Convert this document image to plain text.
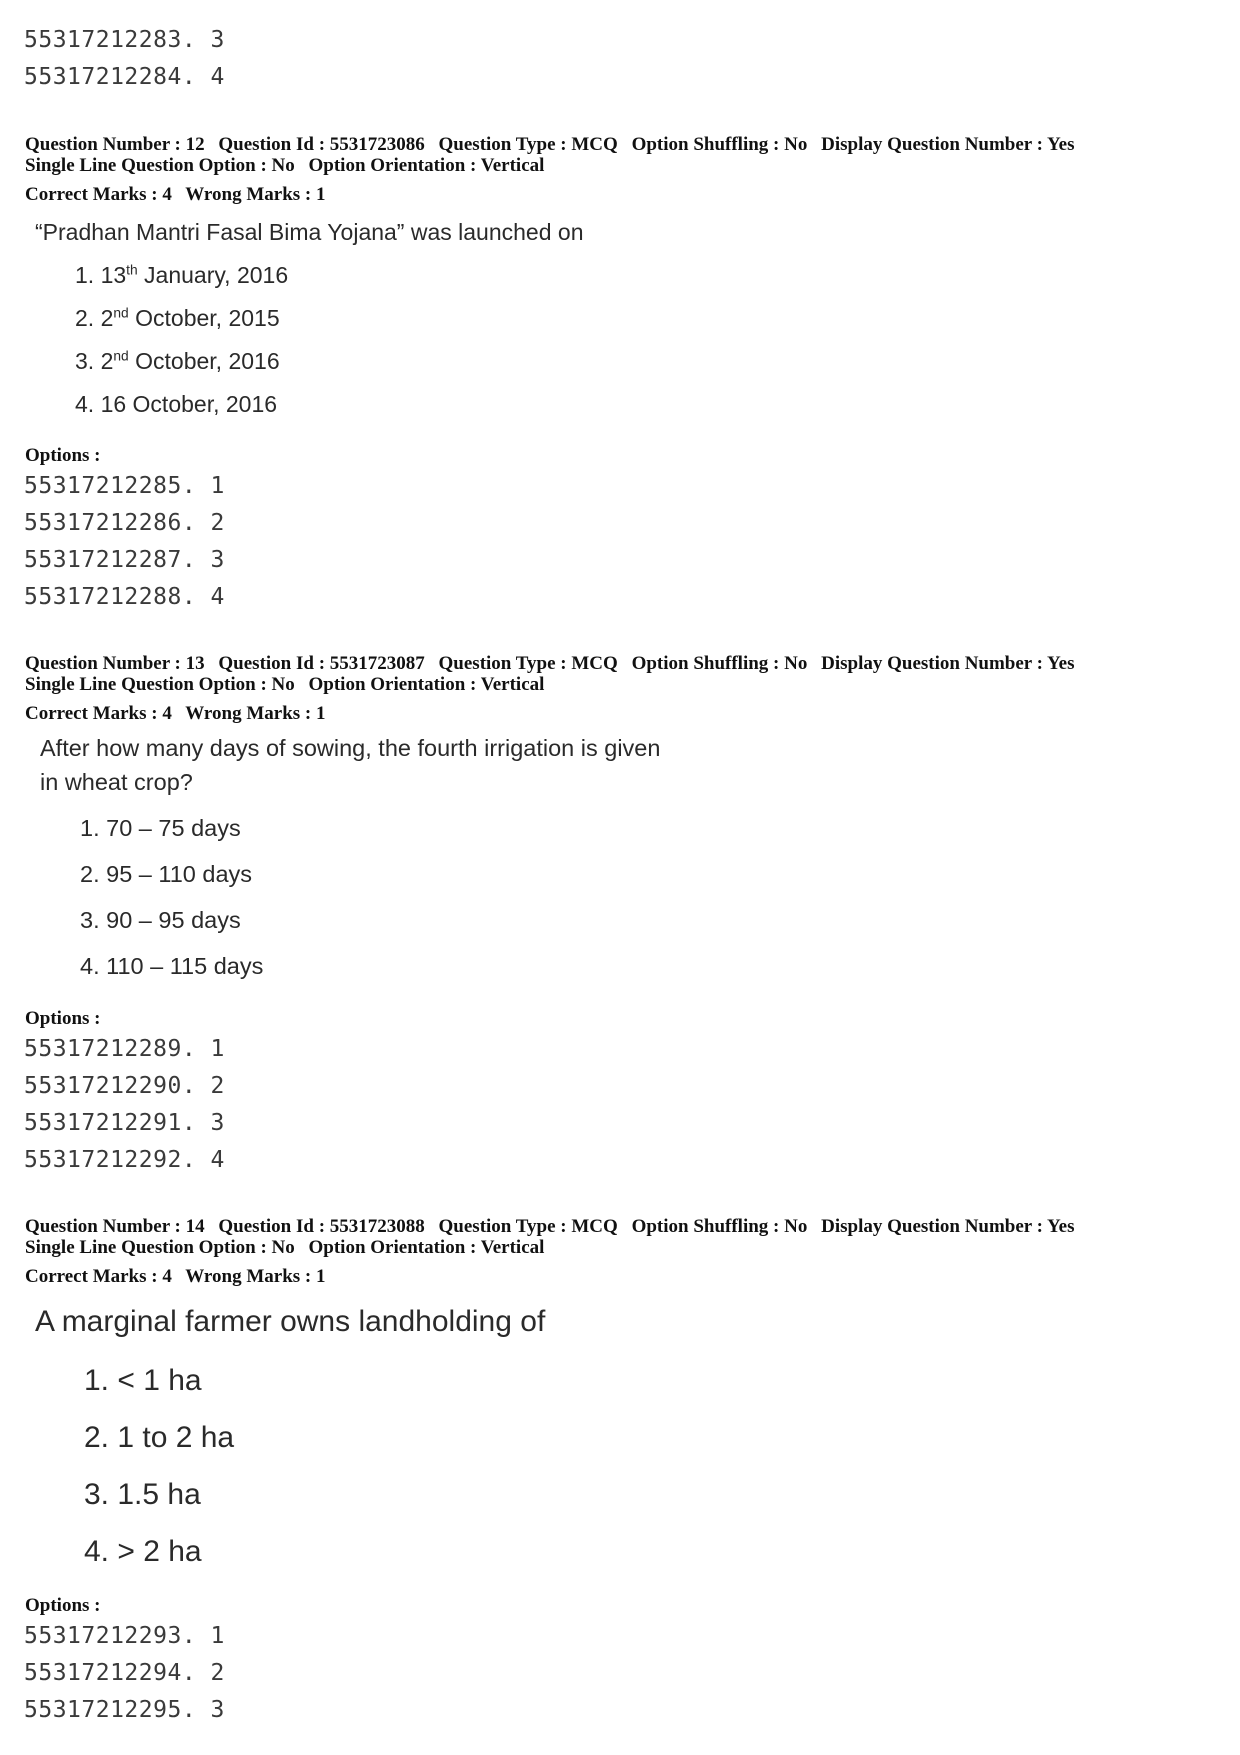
55317212283. 3
55317212284. 4
Question Number : 12 Question Id : 5531723086 Question Type : MCQ Option Shuffling : No Display Question Number : Yes
Single Line Question Option : No Option Orientation : Vertical
Correct Marks : 4 Wrong Marks : 1
“Pradhan Mantri Fasal Bima Yojana” was launched on
1. 13th January, 2016
2. 2nd October, 2015
3. 2nd October, 2016
4. 16 October, 2016
Options :
55317212285. 1
55317212286. 2
55317212287. 3
55317212288. 4
Question Number : 13 Question Id : 5531723087 Question Type : MCQ Option Shuffling : No Display Question Number : Yes
Single Line Question Option : No Option Orientation : Vertical
Correct Marks : 4 Wrong Marks : 1
After how many days of sowing, the fourth irrigation is given
in wheat crop?
1. 70 – 75 days
2. 95 – 110 days
3. 90 – 95 days
4. 110 – 115 days
Options :
55317212289. 1
55317212290. 2
55317212291. 3
55317212292. 4
Question Number : 14 Question Id : 5531723088 Question Type : MCQ Option Shuffling : No Display Question Number : Yes
Single Line Question Option : No Option Orientation : Vertical
Correct Marks : 4 Wrong Marks : 1
A marginal farmer owns landholding of
1. < 1 ha
2. 1 to 2 ha
3. 1.5 ha
4. > 2 ha
Options :
55317212293. 1
55317212294. 2
55317212295. 3
